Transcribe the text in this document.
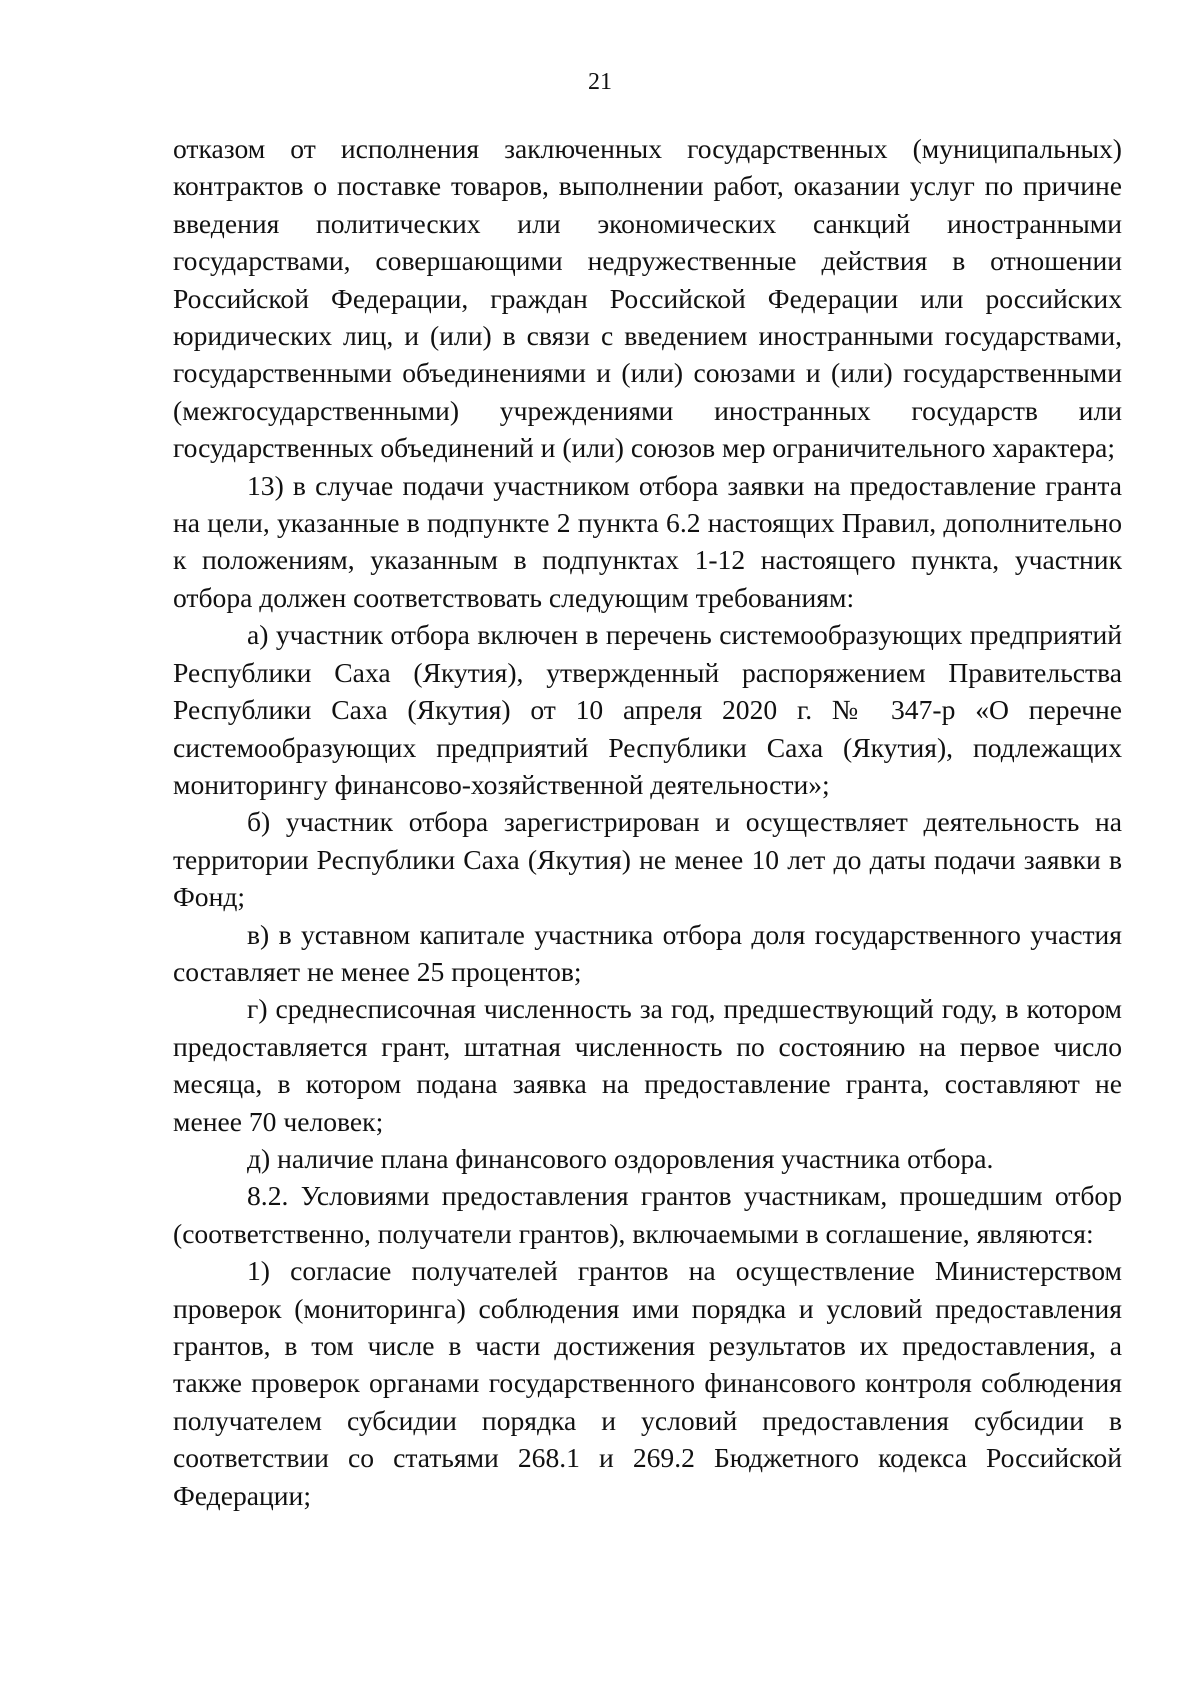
21

отказом от исполнения заключенных государственных (муниципальных) контрактов о поставке товаров, выполнении работ, оказании услуг по причине введения политических или экономических санкций иностранными государствами, совершающими недружественные действия в отношении Российской Федерации, граждан Российской Федерации или российских юридических лиц, и (или) в связи с введением иностранными государствами, государственными объединениями и (или) союзами и (или) государственными (межгосударственными) учреждениями иностранных государств или государственных объединений и (или) союзов мер ограничительного характера;

13) в случае подачи участником отбора заявки на предоставление гранта на цели, указанные в подпункте 2 пункта 6.2 настоящих Правил, дополнительно к положениям, указанным в подпунктах 1-12 настоящего пункта, участник отбора должен соответствовать следующим требованиям:

а) участник отбора включен в перечень системообразующих предприятий Республики Саха (Якутия), утвержденный распоряжением Правительства Республики Саха (Якутия) от 10 апреля 2020 г. № 347-р «О перечне системообразующих предприятий Республики Саха (Якутия), подлежащих мониторингу финансово-хозяйственной деятельности»;

б) участник отбора зарегистрирован и осуществляет деятельность на территории Республики Саха (Якутия) не менее 10 лет до даты подачи заявки в Фонд;

в) в уставном капитале участника отбора доля государственного участия составляет не менее 25 процентов;

г) среднесписочная численность за год, предшествующий году, в котором предоставляется грант, штатная численность по состоянию на первое число месяца, в котором подана заявка на предоставление гранта, составляют не менее 70 человек;

д) наличие плана финансового оздоровления участника отбора.

8.2. Условиями предоставления грантов участникам, прошедшим отбор (соответственно, получатели грантов), включаемыми в соглашение, являются:

1) согласие получателей грантов на осуществление Министерством проверок (мониторинга) соблюдения ими порядка и условий предоставления грантов, в том числе в части достижения результатов их предоставления, а также проверок органами государственного финансового контроля соблюдения получателем субсидии порядка и условий предоставления субсидии в соответствии со статьями 268.1 и 269.2 Бюджетного кодекса Российской Федерации;
